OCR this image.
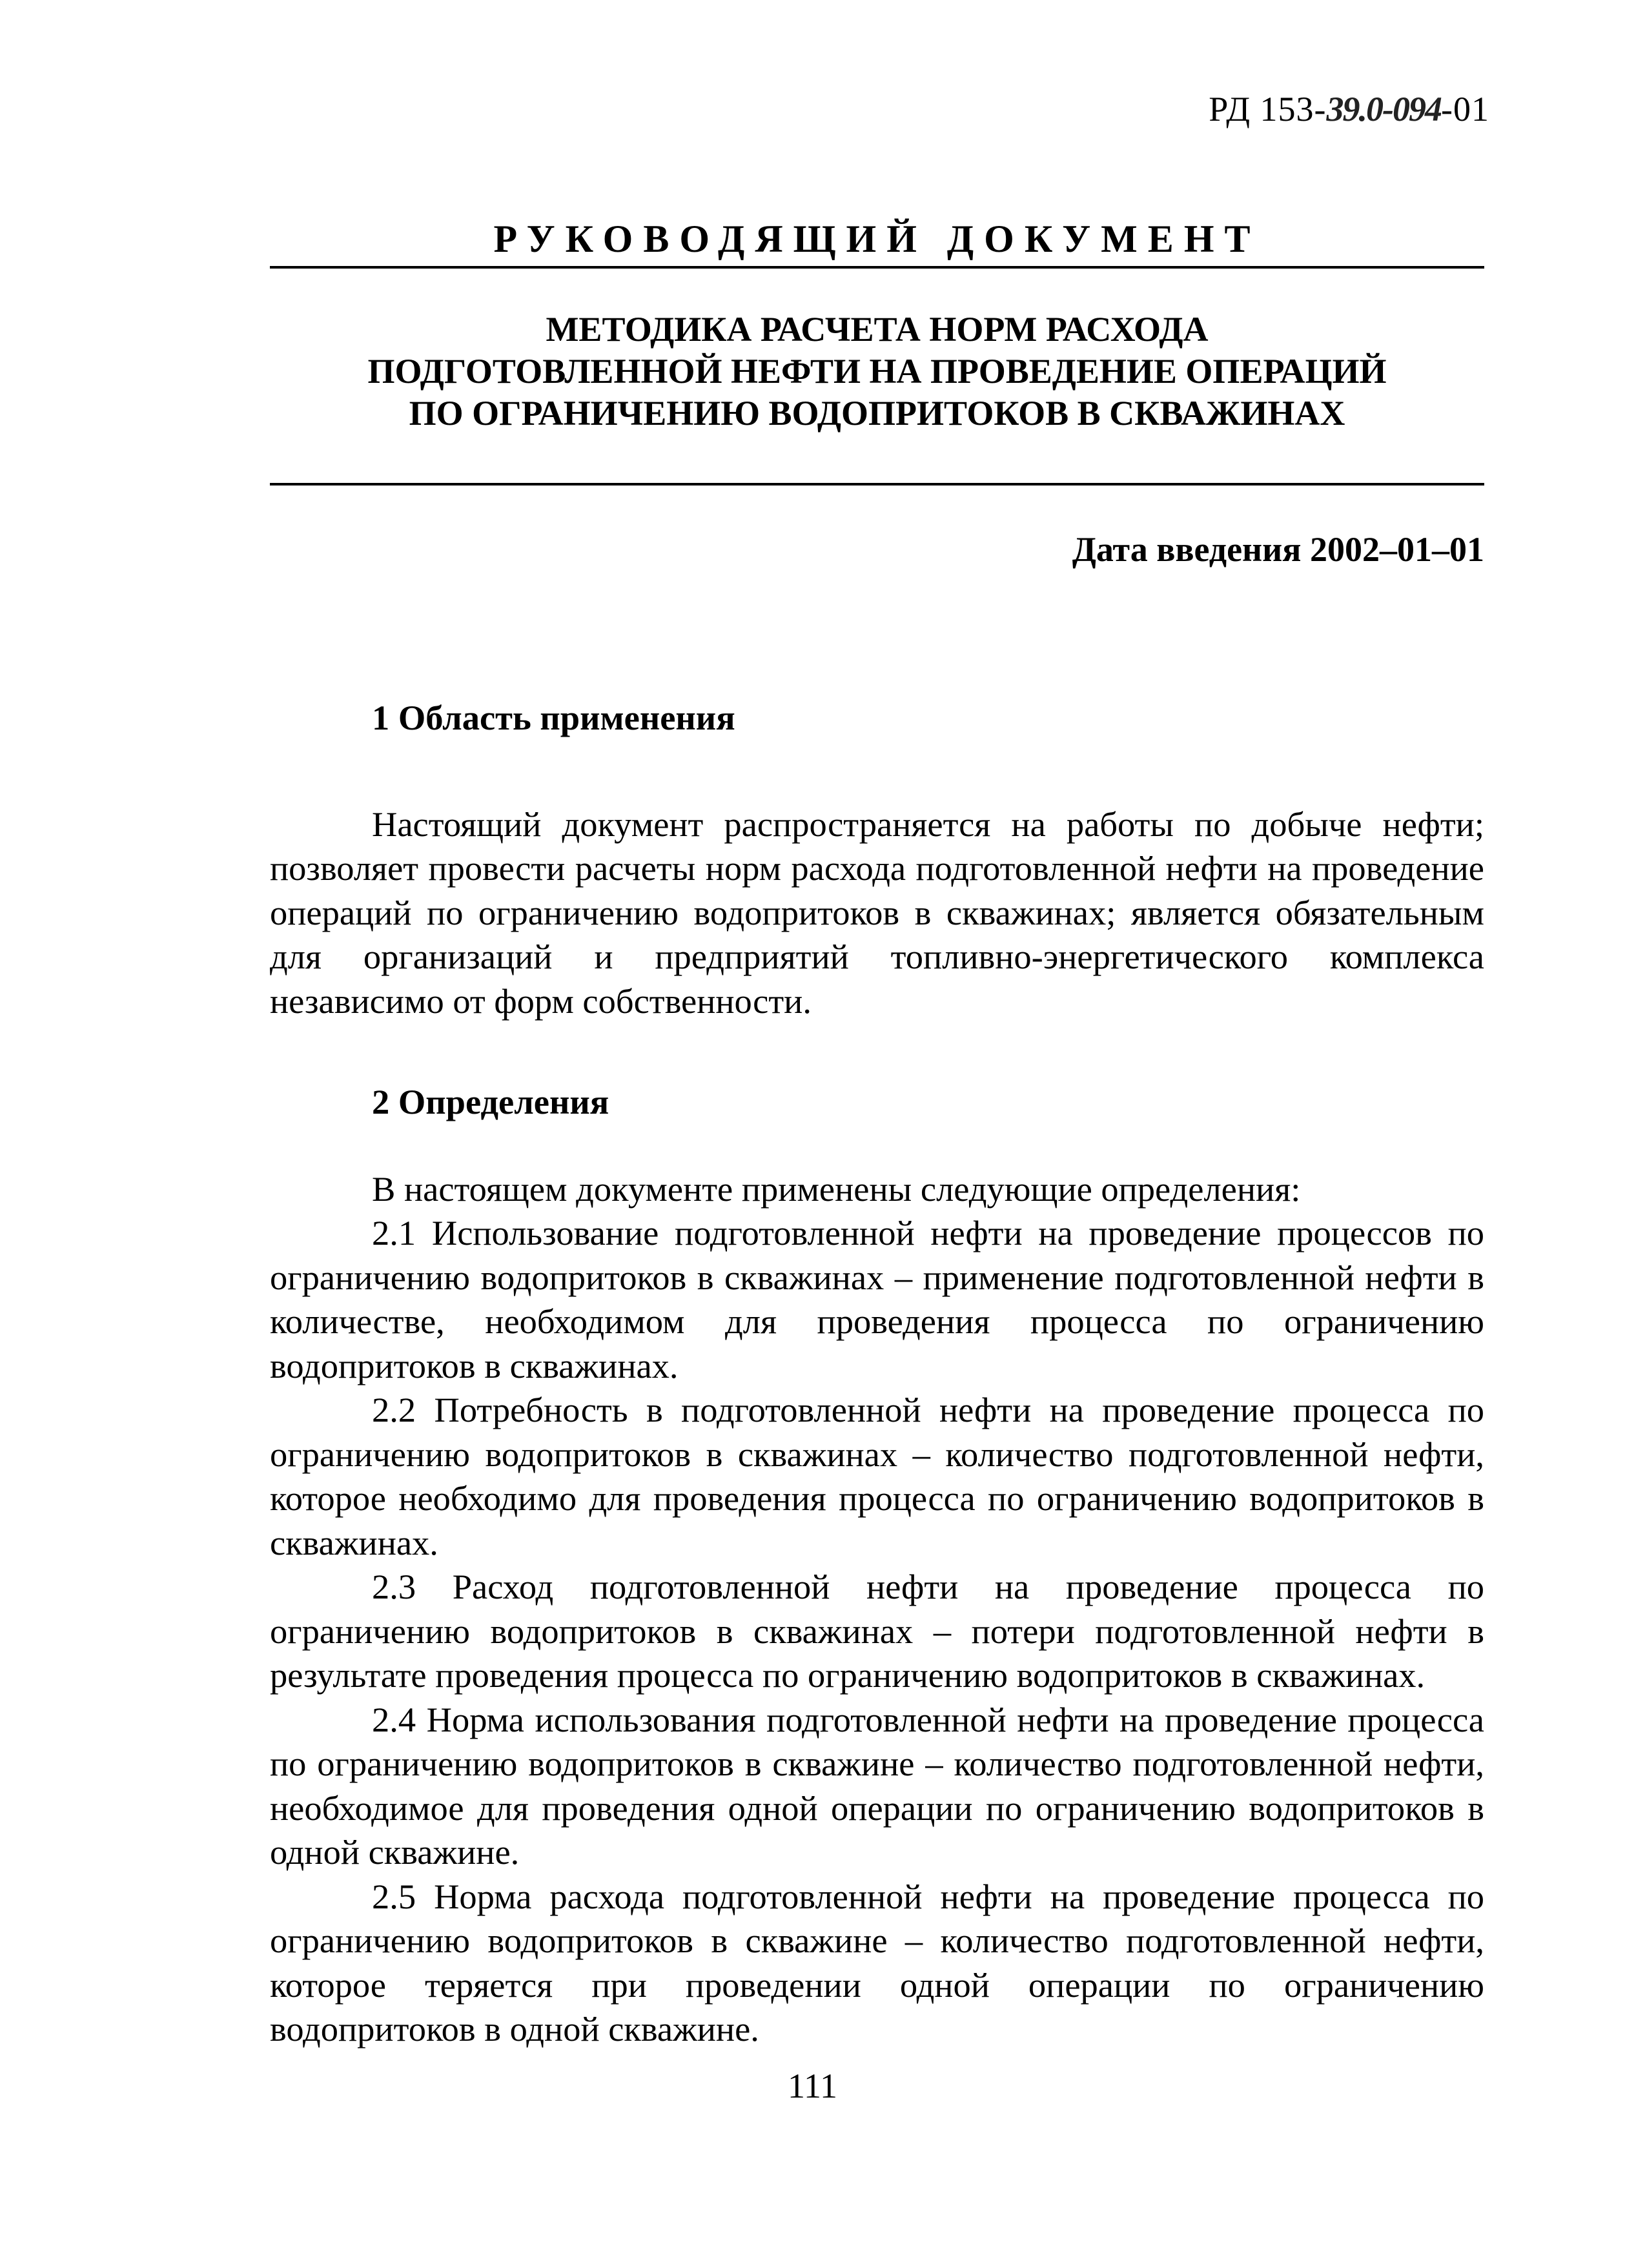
РД 153-39.0-094-01
РУКОВОДЯЩИЙ ДОКУМЕНТ
МЕТОДИКА РАСЧЕТА НОРМ РАСХОДА
ПОДГОТОВЛЕННОЙ НЕФТИ НА ПРОВЕДЕНИЕ ОПЕРАЦИЙ
ПО ОГРАНИЧЕНИЮ ВОДОПРИТОКОВ В СКВАЖИНАХ
Дата введения 2002–01–01

1 Область применения

Настоящий документ распространяется на работы по добыче нефти; позволяет провести расчеты норм расхода подготовленной нефти на проведение операций по ограничению водопритоков в скважинах; является обязательным для организаций и предприятий топливно-энергетического комплекса независимо от форм собственности.

2 Определения

В настоящем документе применены следующие определения:

2.1 Использование подготовленной нефти на проведение процессов по ограничению водопритоков в скважинах – применение подготовленной нефти в количестве, необходимом для проведения процесса по ограничению водопритоков в скважинах.

2.2 Потребность в подготовленной нефти на проведение процесса по ограничению водопритоков в скважинах – количество подготовленной нефти, которое необходимо для проведения процесса по ограничению водопритоков в скважинах.

2.3 Расход подготовленной нефти на проведение процесса по ограничению водопритоков в скважинах – потери подготовленной нефти в результате проведения процесса по ограничению водопритоков в скважинах.

2.4 Норма использования подготовленной нефти на проведение процесса по ограничению водопритоков в скважине – количество подготовленной нефти, необходимое для проведения одной операции по ограничению водопритоков в одной скважине.

2.5 Норма расхода подготовленной нефти на проведение процесса по ограничению водопритоков в скважине – количество подготовленной нефти, которое теряется при проведении одной операции по ограничению водопритоков в одной скважине.

111
